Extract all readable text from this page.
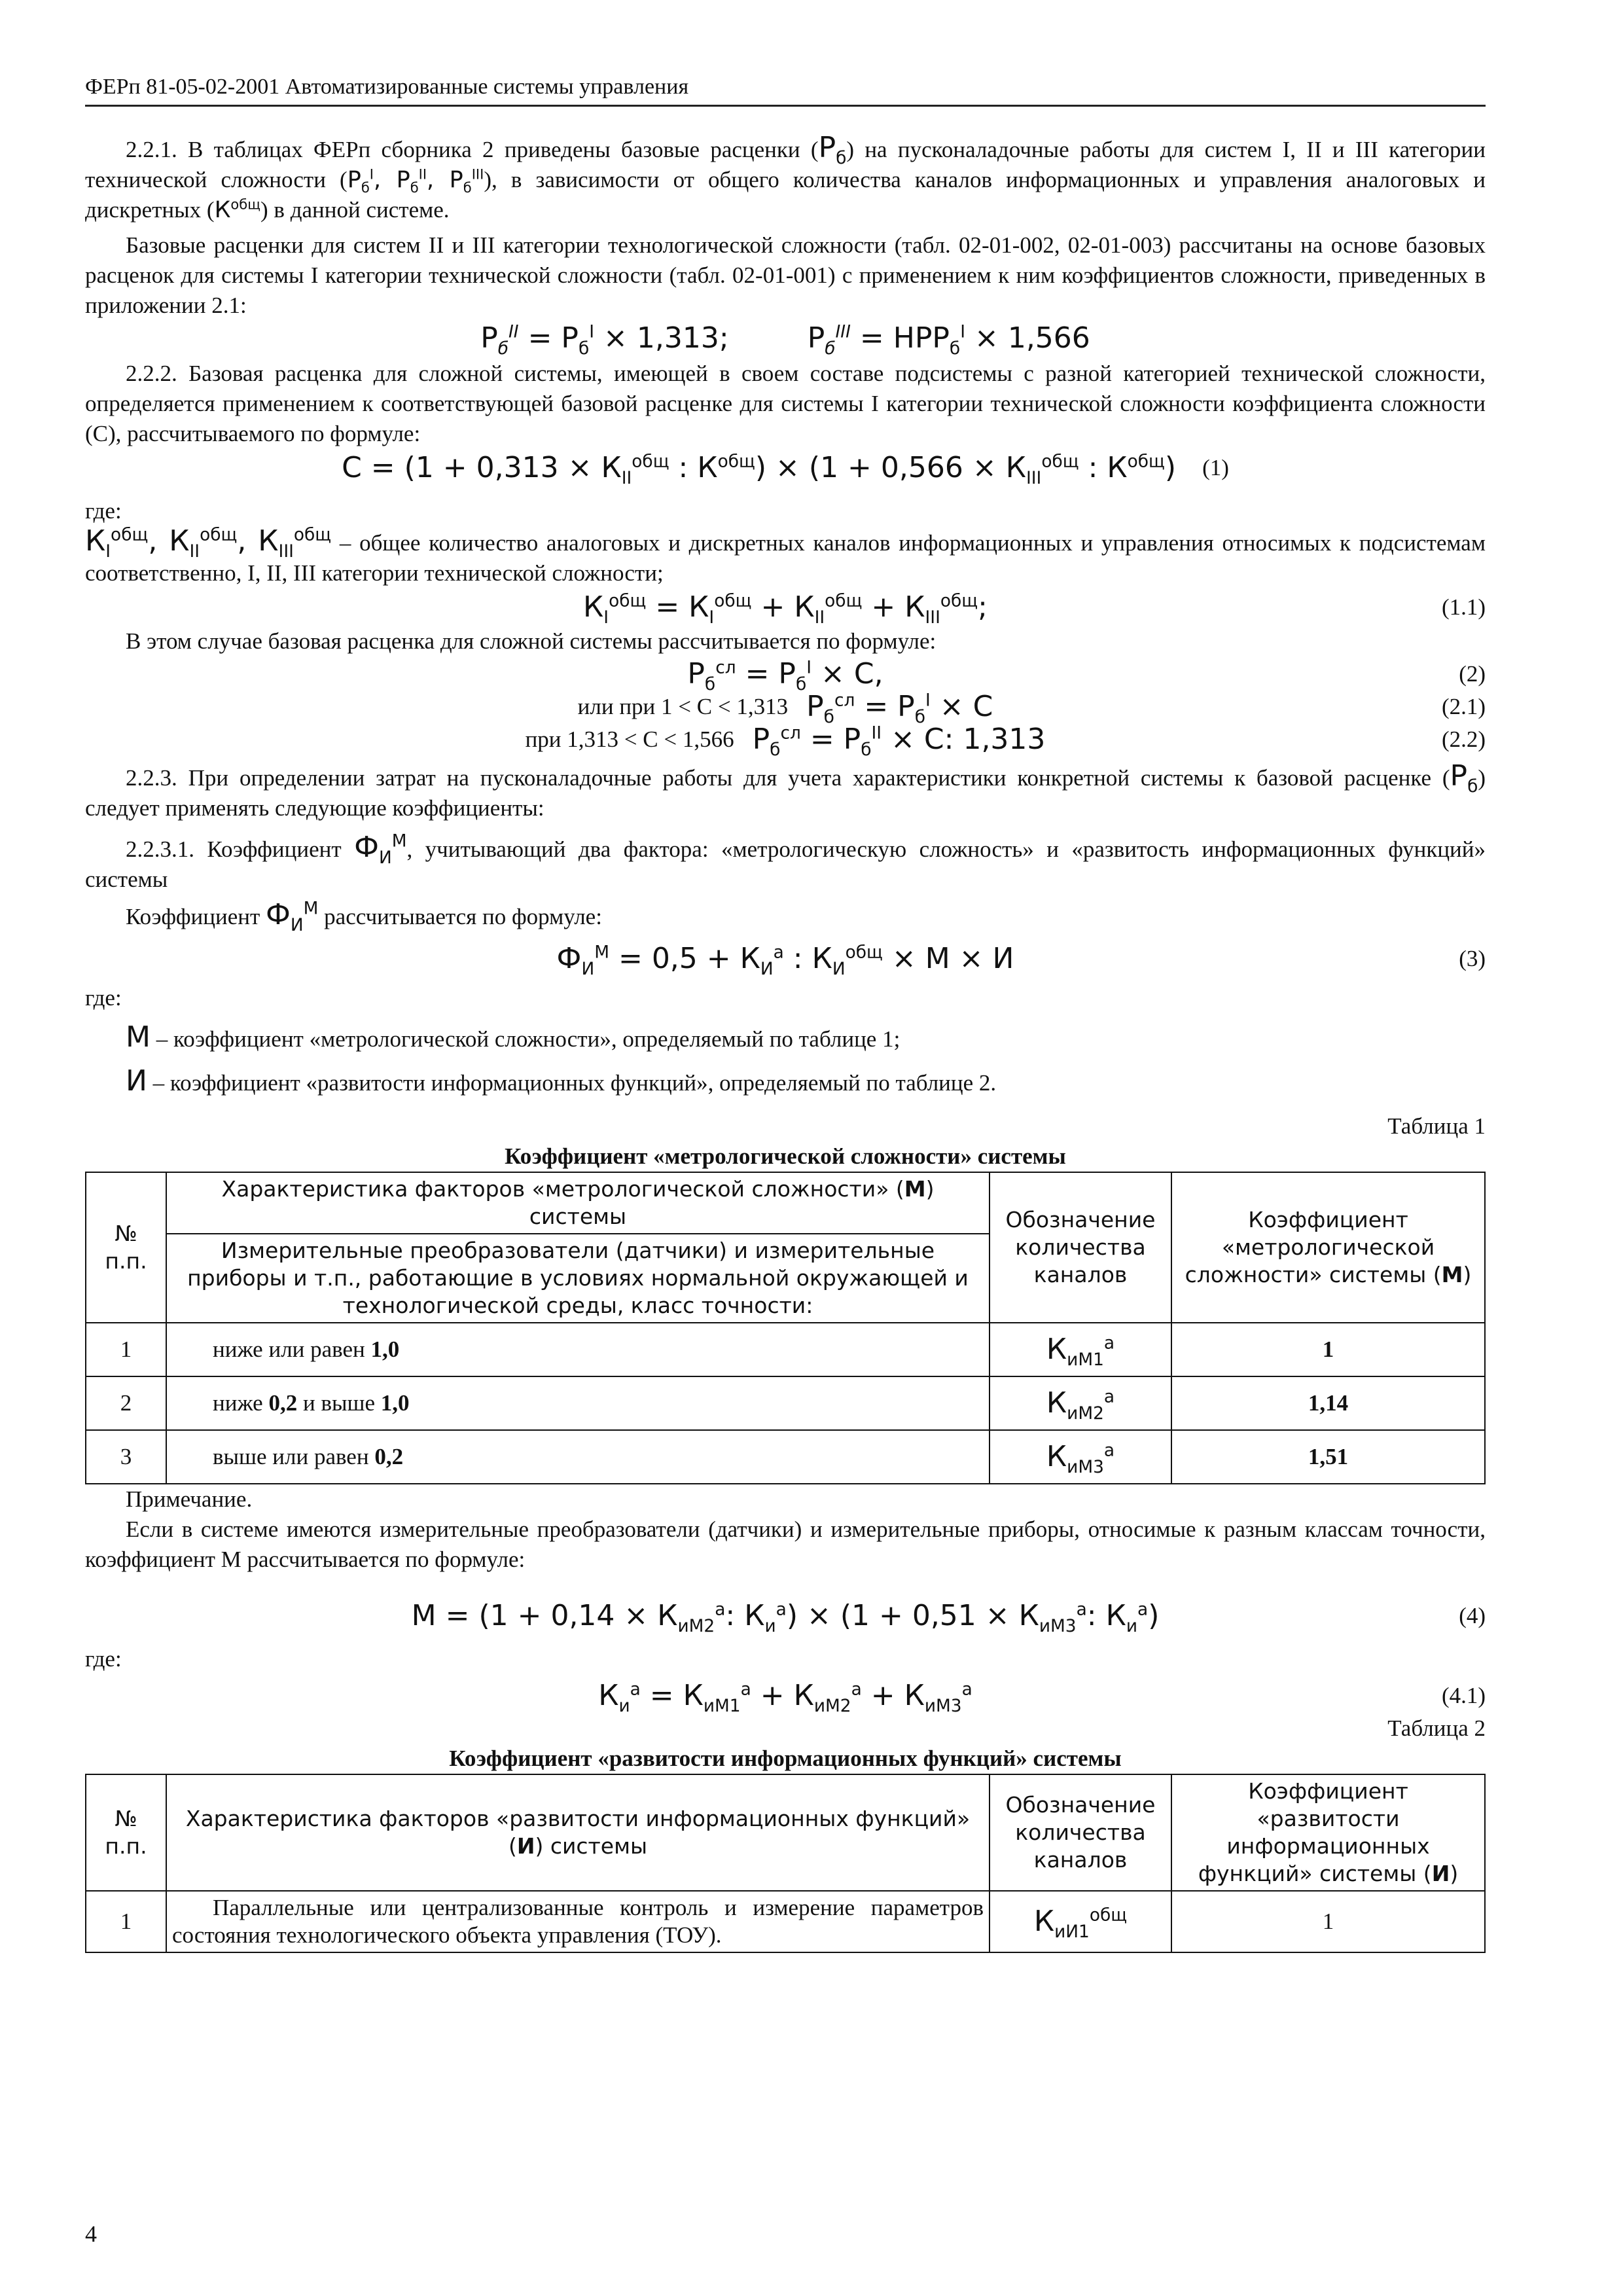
ФЕРп 81-05-02-2001 Автоматизированные системы управления

2.2.1. В таблицах ФЕРп сборника 2 приведены базовые расценки $(Р_б)$ на пусконаладочные работы для систем I, II и III категории технической сложности ($Р_б^I$, $Р_б^{II}$, $Р_б^{III}$), в зависимости от общего количества каналов информационных и управления аналоговых и дискретных $(К^{общ})$ в данной системе.

Базовые расценки для систем II и III категории технологической сложности (табл. 02-01-002, 02-01-003) рассчитаны на основе базовых расценок для системы I категории технической сложности (табл. 02-01-001) с применением к ним коэффициентов сложности, приведенных в приложении 2.1:

$Р_б^{II} = Р_б^I \times 1,313$;	$Р_б^{III} = НРР_б^I \times 1,566$

2.2.2. Базовая расценка для сложной системы, имеющей в своем составе подсистемы с разной категорией технической сложности, определяется применением к соответствующей базовой расценке для системы I категории технической сложности коэффициента сложности (С), рассчитываемого по формуле:

$С = (1 + 0,313 \times К_{II}^{общ}$ : $К^{общ}) \times (1 + 0,566 \times К_{III}^{общ}$ : $К^{общ}$) (1)

где:

$К_I^{общ}$, $К_{II}^{общ}$, $К_{III}^{общ}$ – общее количество аналоговых и дискретных каналов информационных и управления относимых к подсистемам соответственно, I, II, III категории технической сложности;

$К_I^{общ} = К_I^{общ} + К_{II}^{общ} + К_{III}^{общ}$;	(1.1)

В этом случае базовая расценка для сложной системы рассчитывается по формуле:

$Р_б^{сл} = Р_б^I \times С$,	(2)
или при 1 < C < 1,313 $Р_б^{сл} = Р_б^I \times С$	(2.1)
при 1,313 < C < 1,566 $Р_б^{сл} = Р_б^{II} \times С$: 1,313	(2.2)

2.2.3. При определении затрат на пусконаладочные работы для учета характеристики конкретной системы к базовой расценке $(Р_б)$ следует применять следующие коэффициенты:

2.2.3.1. Коэффициент $Ф_И^М$, учитывающий два фактора: «метрологическую сложность» и «развитость информационных функций» системы

Коэффициент $Ф_И^М$ рассчитывается по формуле:

$Ф_И^М = 0,5 + К_И^а$ : $К_И^{общ} \times М \times И$	(3)

где:

М – коэффициент «метрологической сложности», определяемый по таблице 1;

И – коэффициент «развитости информационных функций», определяемый по таблице 2.

Таблица 1

Коэффициент «метрологической сложности» системы

№ п.п.	Характеристика факторов «метрологической сложности» (М) системы	Обозначение количества каналов	Коэффициент «метрологической сложности» системы (М)
	Измерительные преобразователи (датчики) и измерительные приборы и т.п., работающие в условиях нормальной окружающей и технологической среды, класс точности:		
1	ниже или равен 1,0	$К_{иМ1}^а$	1
2	ниже 0,2 и выше 1,0	$К_{иМ2}^а$	1,14
3	выше или равен 0,2	$К_{иМ3}^а$	1,51

Примечание.

Если в системе имеются измерительные преобразователи (датчики) и измерительные приборы, относимые к разным классам точности, коэффициент М рассчитывается по формуле:

$М = (1 + 0,14 \times К_{иМ2}^а$: $К_и^а) \times (1 + 0,51 \times К_{иМ3}^а$: $К_и^а$)	(4)

где:

$К_и^а = К_{иМ1}^а + К_{иМ2}^а + К_{иМ3}^а$	(4.1)

Таблица 2

Коэффициент «развитости информационных функций» системы

№ п.п.	Характеристика факторов «развитости информационных функций» (И) системы	Обозначение количества каналов	Коэффициент «развитости информационных функций» системы (И)
1	Параллельные или централизованные контроль и измерение параметров состояния технологического объекта управления (ТОУ).	$К_{иИ1}^{общ}$	1
4
